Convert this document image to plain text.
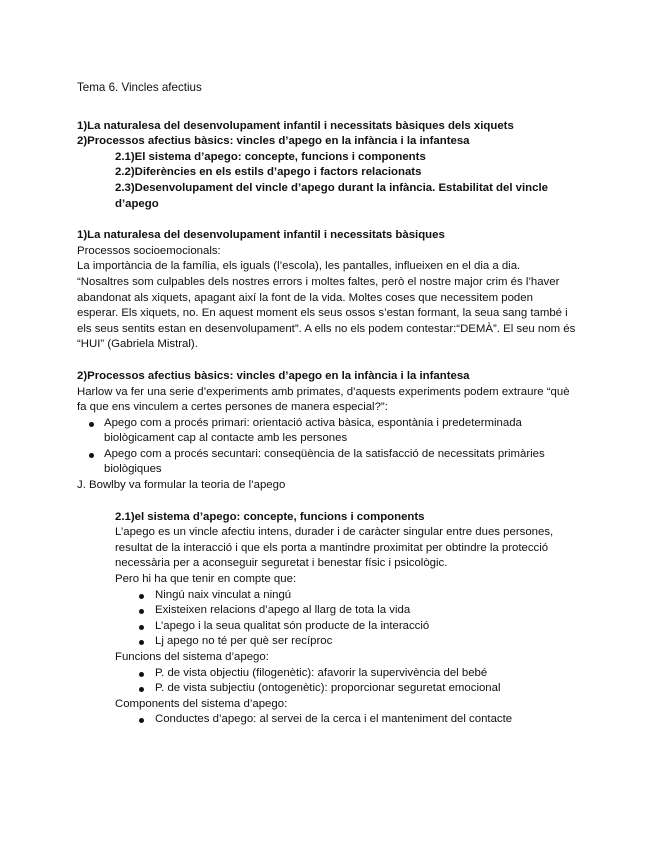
Tema 6. Vincles afectius
1)La naturalesa del desenvolupament infantil i necessitats bàsiques dels xiquets
2)Processos afectius bàsics: vincles d’apego en la infància i la infantesa
2.1)El sistema d’apego: concepte, funcions i components
2.2)Diferències en els estils d’apego i factors relacionats
2.3)Desenvolupament del vincle d’apego durant la infància. Estabilitat del vincle d’apego
1)La naturalesa del desenvolupament infantil i necessitats bàsiques

Processos socioemocionals:

La importància de la família, els iguals (l’escola), les pantalles, influeixen en el dia a dia.

“Nosaltres som culpables dels nostres errors i moltes faltes, però el nostre major crim és l’haver abandonat als xiquets, apagant així la font de la vida. Moltes coses que necessitem poden esperar. Els xiquets, no. En aquest moment els seus ossos s’estan formant, la seua sang també i els seus sentits estan en desenvolupament”. A ells no els podem contestar:“DEMÀ”. El seu nom és “HUI” (Gabriela Mistral).

2)Processos afectius bàsics: vincles d’apego en la infància i la infantesa

Harlow va fer una serie d’experiments amb primates, d’aquests experiments podem extraure “què fa que ens vinculem a certes persones de manera especial?”:

Apego com a procés primari: orientació activa bàsica, espontània i predeterminada biològicament cap al contacte amb les persones
Apego com a procés secuntari: conseqüència de la satisfacció de necessitats primàries biològiques

J. Bowlby va formular la teoria de l’apego

2.1)el sistema d’apego: concepte, funcions i components

L’apego es un vincle afectiu intens, durader i de caràcter singular entre dues persones, resultat de la interacció i que els porta a mantindre proximitat per obtindre la protecció necessària per a aconseguir seguretat i benestar físic i psicològic.

Pero hi ha que tenir en compte que:

Ningú naix vinculat a ningú
Existeixen relacions d’apego al llarg de tota la vida
L’apego i la seua qualitat són producte de la interacció
Lj apego no té per què ser recíproc

Funcions del sistema d’apego:

P. de vista objectiu (filogenètic): afavorir la supervivència del bebé
P. de vista subjectiu (ontogenètic): proporcionar seguretat emocional

Components del sistema d’apego:

Conductes d’apego: al servei de la cerca i el manteniment del contacte
